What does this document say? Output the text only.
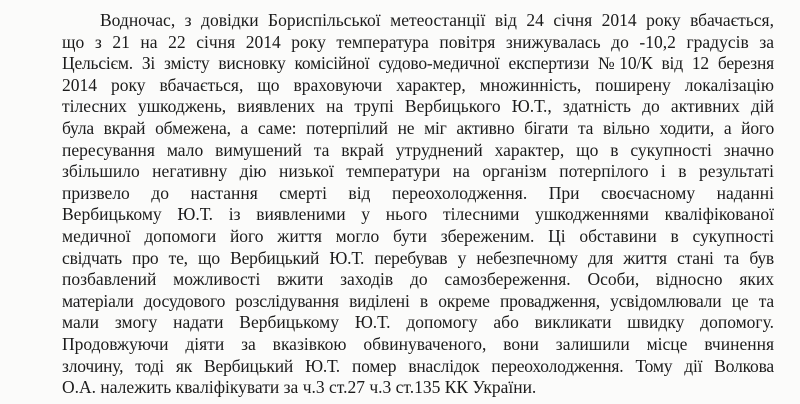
Водночас, з довідки Бориспільської метеостанції від 24 січня 2014 року вбачається,
що з 21 на 22 січня 2014 року температура повітря знижувалась до -10,2 градусів за
Цельсієм. Зі змісту висновку комісійної судово-медичної експертизи №10/К від 12 березня
2014 року вбачається, що враховуючи характер, множинність, поширену локалізацію
тілесних ушкоджень, виявлених на трупі Вербицького Ю.Т., здатність до активних дій
була вкрай обмежена, а саме: потерпілий не міг активно бігати та вільно ходити, а його
пересування мало вимушений та вкрай утруднений характер, що в сукупності значно
збільшило негативну дію низької температури на організм потерпілого і в результаті
призвело до настання смерті від переохолодження. При своєчасному наданні
Вербицькому Ю.Т. із виявленими у нього тілесними ушкодженнями кваліфікованої
медичної допомоги його життя могло бути збереженим. Ці обставини в сукупності
свідчать про те, що Вербицький Ю.Т. перебував у небезпечному для життя стані та був
позбавлений можливості вжити заходів до самозбереження. Особи, відносно яких
матеріали досудового розслідування виділені в окреме провадження, усвідомлювали це та
мали змогу надати Вербицькому Ю.Т. допомогу або викликати швидку допомогу.
Продовжуючи діяти за вказівкою обвинуваченого, вони залишили місце вчинення
злочину, тоді як Вербицький Ю.Т. помер внаслідок переохолодження. Тому дії Волкова
О.А. належить кваліфікувати за ч.3 ст.27 ч.3 ст.135 КК України.
